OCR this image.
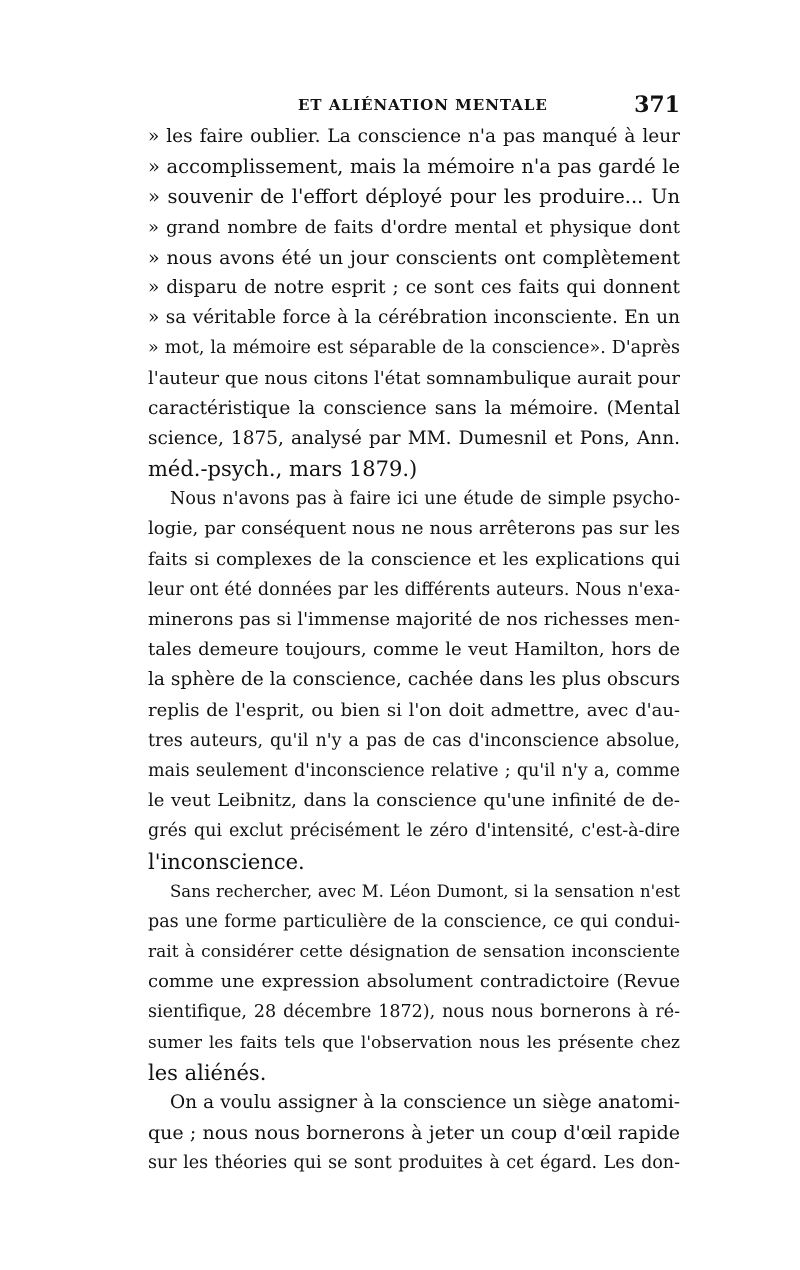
ET ALIÉNATION MENTALE	371
» les faire oublier. La conscience n'a pas manqué à leur
» accomplissement, mais la mémoire n'a pas gardé le
» souvenir de l'effort déployé pour les produire... Un
» grand nombre de faits d'ordre mental et physique dont
» nous avons été un jour conscients ont complètement
» disparu de notre esprit ; ce sont ces faits qui donnent
» sa véritable force à la cérébration inconsciente. En un
» mot, la mémoire est séparable de la conscience». D'après
l'auteur que nous citons l'état somnambulique aurait pour
caractéristique la conscience sans la mémoire. (Mental
science, 1875, analysé par MM. Dumesnil et Pons, Ann.
méd.-psych., mars 1879.)
Nous n'avons pas à faire ici une étude de simple psycho-
logie, par conséquent nous ne nous arrêterons pas sur les
faits si complexes de la conscience et les explications qui
leur ont été données par les différents auteurs. Nous n'exa-
minerons pas si l'immense majorité de nos richesses men-
tales demeure toujours, comme le veut Hamilton, hors de
la sphère de la conscience, cachée dans les plus obscurs
replis de l'esprit, ou bien si l'on doit admettre, avec d'au-
tres auteurs, qu'il n'y a pas de cas d'inconscience absolue,
mais seulement d'inconscience relative ; qu'il n'y a, comme
le veut Leibnitz, dans la conscience qu'une infinité de de-
grés qui exclut précisément le zéro d'intensité, c'est-à-dire
l'inconscience.
Sans rechercher, avec M. Léon Dumont, si la sensation n'est
pas une forme particulière de la conscience, ce qui condui-
rait à considérer cette désignation de sensation inconsciente
comme une expression absolument contradictoire (Revue
sientifique, 28 décembre 1872), nous nous bornerons à ré-
sumer les faits tels que l'observation nous les présente chez
les aliénés.
On a voulu assigner à la conscience un siège anatomi-
que ; nous nous bornerons à jeter un coup d'œil rapide
sur les théories qui se sont produites à cet égard. Les don-
